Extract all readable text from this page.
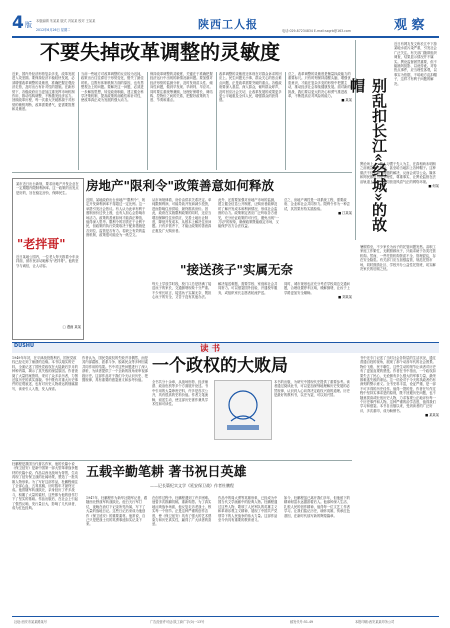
4 版 本版编辑 朱某某 版式 冯某某 校对 王某某
2012年6月26日 星期二	陕西工人报	电话:029-87234834 E-mail:sxgrb@163.com	观 察
不要失掉改革调整的灵敏度
近来，国内外经济形势复杂多变，改革发展进入攻坚期。要保持经济平稳较快发展，必须增强改革调整的灵敏度，准确把握宏观经济走势，及时出台有针对性的措施。在新形势下，各级政府应当更加注重发挥市场机制作用，推动结构调整，不断激发经济活力。回顾改革历程，每一次重大突破都源于对形势的敏锐判断，改革需要勇气，更需要智慧和灵敏度。
当前一些地方对改革调整的反应较为迟钝，政策出台往往滞后于形势变化，错失了最佳时机。这既有体制机制方面的原因，也有思想观念上的问题。要解决这一问题，必须进一步解放思想，转变政府职能，建立健全科学决策机制，提高政策的前瞻性和针对性，使改革真正成为发展的强大动力。
保持改革调整的灵敏度，关键在于准确把握经济运行中出现的新情况新问题。要加强对经济形势的监测分析，及时发现苗头性、倾向性问题，做到早发现、早研判、早应对。同时要注重统筹兼顾，处理好保增长、调结构、控物价之间的关系，把握好政策的力度、节奏和重点。
改革调整的灵敏度还体现在对群众诉求的回应上。民生问题无小事，群众关心的热点难点问题，正是改革需要突破的重点。各级政府要深入基层、深入群众，倾听群众呼声，及时回应社会关切，让改革发展的成果更多更公平地惠及全体人民，增强群众的获得感。
总之，改革调整的灵敏度是衡量执政能力的重要标尺。只有时刻保持清醒头脑，增强忧患意识，才能在复杂多变的形势中把握主动，推动经济社会持续健康发展。面对新的挑战，我们要以更大的决心和勇气推进改革，不断提高应对风险的能力。
■ 某某	别乱扣长江«经城»的故帽
近日有网友发文称长江中下游某地水质污染严重，引发社会广泛关注。有关部门随即组织调查，结果显示情况并不属实。舆论监督固然重要，但不能捕风捉影、以讹传讹。对待热点事件，应当理性客观，以事实为依据，不给地方乱扣帽子，这样才有利于问题的解决。
舆论场上，一些人习惯于先入为主，在真相尚未明朗之前就急于下结论，甚至给当地扣上各种帽子。这种做法不仅无助于问题的解决，反而会误导公众。媒体和网民都应当坚守理性，尊重事实，让舆论监督在法治轨道上运行，共同营造风清气正的网络环境。
■ 何某
房地产"限利令"政策善意如何释放
某市近日出台新规，要求房地产开发企业在一定期限内限制利润率。这一政策的出发点是好的，旨在稳定房价，保障民生。
"老拌哥"
近日某地公园内，一位老人每天推着小车卖拌面，被市民亲切地称为"老拌哥"。他的坚守与诚信，让人动容。
□ 漫画 某某
近期，某地政府出台房地产"限利令"，规定开发商利润率不得超过一定比例。这一举措引发社会热议。有人认为此举有利于遏制房价过快上涨，也有人担心会影响市场活力。政策的善意如何才能真正释放，值得深入思考。限利令的初衷在于让利于民，但政策的执行效果取决于配套措施是否到位，监管是否有力。若缺乏有效的监督机制，政策很可能沦为一纸空文。
从市场规律看，房价由供求关系决定。单纯限制利润，可能导致开发商减少投资，进而影响住房供给，最终推高房价。因此，政府在实施限利政策的同时，还应当增加保障性住房供应，完善土地出让制度，降低开发成本，从根本上解决住房问题。只有多管齐下，才能让政策的善意真正惠及广大购房者。
此外，还需要加强对房地产市场的监测，建立健全信息公开制度，让购房者能够及时了解开发成本和利润情况，形成社会监督的合力。政策制定者应广泛听取各方意见，充分论证政策的可行性，避免出现"一刀切"的现象，确保政策既能稳定市场，又能保护各方合法权益。
总之，房地产调控是一项系统工程，需要政府、企业和社会共同努力。限利令作为一种尝试，其效果有待实践检验。
■ 江某某
暑假将至，不少家长为孩子的托管问题发愁。双职工家庭工作繁忙，无暇照顾孩子，只能求助于各类托管机构。然而，一些托管机构资质不全、管理混乱，存在安全隐患。有关部门应当加强监管，规范托管市场，同时鼓励社区、学校开办公益性托管班，切实解决家长的后顾之忧。
"接送孩子"实属无奈
每天上学放学时段，校门口总是挤满了接送孩子的家长，交通拥堵现象十分严重。不少家长坦言，接送孩子实属无奈，既担心孩子的安全，又苦于没有其他办法。
解决接送难题，需要学校、家庭和社会共同努力。可以借鉴国外经验，开通校车服务，或组织家长志愿者轮流护送。
同时，城市规划也应充分考虑学校周边交通问题，合理设置停车区域，缓解拥堵，让孩子上学路更加安全顺畅。
■ 刘某某
DUSHU	读 书
一个政权的大败局
1949年年初，在平津战役胜利后，国民党政权已经走到了崩溃的边缘。本书以翔实的史料，全面记述了国民党政权在大陆最后岁月的种种内幕，揭示了其失败的深层原因。作者查阅了大量档案资料，采访了众多亲历者，力图还原历史的真实面貌。书中既有对重大历史事件的宏观叙述，也有对历史人物命运的细腻描写，读来引人入胜，发人深省。
作者认为，国民党政权的失败并非偶然，而是其内部腐败、派系斗争、脱离民众等多种因素共同作用的结果。书中对这些问题进行了深入剖析，为读者提供了一个全新的视角来审视那段历史。这部作品对于我们今天认识历史、把握规律，具有重要的借鉴意义和参考价值。	全书共分十余章，从战场形势、经济崩溃、政治危机等多个方面展开论述。书中引用的大量珍贵史料，许多是首次公开，具有很高的史料价值。作者文笔流畅，叙述生动，使这部历史著作兼具学术性和可读性。
本书的出版，为研究中国现代史提供了重要参考。读者通过阅读此书，可以更加深刻地理解历史发展的必然规律，认识到人心向背决定政权兴衰的道理。历史是最好的教科书，以史为鉴，可以知兴替。
书中还专门记述了当时社会各阶层的生活状况，通过普通百姓的视角，展现了那个动荡年代的社会图景。物价飞涨、民不聊生，这些生动的细节让读者对历史有了更加直观的感受。作者在书中指出，一个政权如果失去了民心，无论拥有多么强大的军事力量，最终都难逃失败的命运。这一结论对于今天的执政者仍有深刻的警示意义。全书史料丰富，论证严谨，是一部不可多得的历史佳作。值得一提的是，作者在写作过程中坚持实事求是的原则，既不回避历史问题，也不随意拔高或贬低历史人物，力求客观公正地评价每一个历史事件和人物。这种严谨的治学态度，值得我们学习和借鉴。本书自出版以来，受到读者的广泛好评，多次重印，成为畅销书。
■ 某某某
五载辛勤笔耕 著书祝日英雄
——记长篇纪实文学《延安保卫战》作者杜鹏程
杜鹏程是我国当代著名作家，他的长篇小说《保卫延安》是新中国第一部大型革命战争题材的长篇小说。作品以西北战场为背景，生动再现了延安保卫战的壮阔场景，塑造了一批英雄人物形象。为了写好这部作品，杜鹏程倾注了全部心血，五易其稿，历时数年才最终完成。他曾随军转战陕北，亲身经历了许多战斗，积累了大量的素材，这些都为他的创作打下了坚实的基础。作品出版后，在社会上引起了强烈反响，发行量巨大，影响了几代读者，成为红色经典。
1947年，杜鹏程作为新华社随军记者，跟随西北野战军转战陕北。他白天行军打仗，夜晚在油灯下记录所见所闻，写下了大量的战地日记。这些日记后来成为他创作《保卫延安》的重要素材。他常说，自己只是把战士们的英勇事迹如实记录下来。
在创作过程中，杜鹏程遇到了许多困难。他曾多次推翻初稿，重新构思。为了真实地反映战争场面，他反复走访老战士，核实每一个细节。正是这种严谨的创作态度，使《保卫延安》具有了强大的艺术感染力和历史真实性，赢得了广大读者的喜爱。
作品中的周大勇等英雄形象，已经成为中国当代文学画廊中的经典人物。杜鹏程通过这些人物，歌颂了人民军队的英雄主义和革命乐观主义精神，展现了中国共产党领导下的人民战争的伟大力量。这部作品至今仍具有重要的教育意义。
如今，杜鹏程虽已离开我们多年，但他留下的精神财富永远激励着后人。他那种深入生活、扎根人民的创作精神，值得每一位文艺工作者学习。让我们铭记历史，缅怀英雄，传承红色基因，在新时代续写新的辉煌篇章。
社址:西安市某某路某号	广告经营许可证:陕工商广字(0)一13号	邮发代号:51-49	本报印刷:西安某某印务公司
